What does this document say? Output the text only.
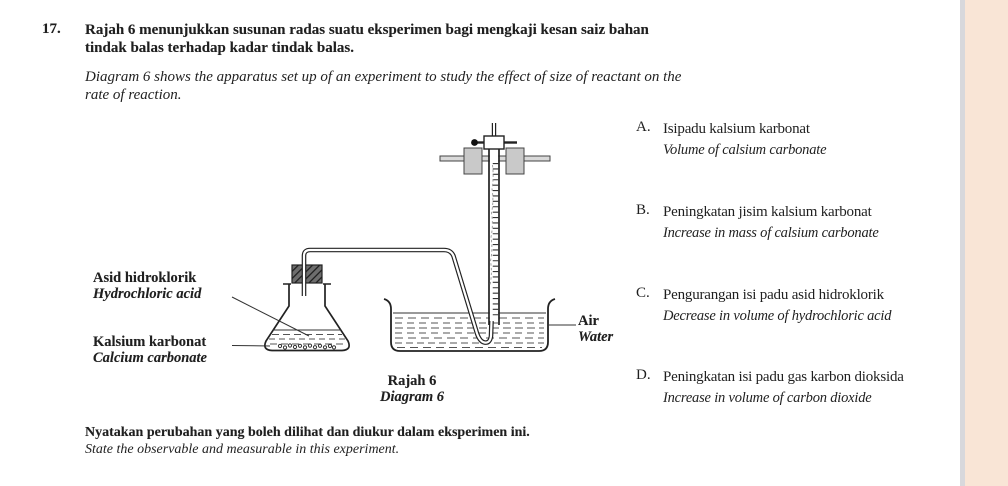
17. Rajah 6 menunjukkan susunan radas suatu eksperimen bagi mengkaji kesan saiz bahan tindak balas terhadap kadar tindak balas.

Diagram 6 shows the apparatus set up of an experiment to study the effect of size of reactant on the rate of reaction.

Asid hidroklorik
Hydrochloric acid
Kalsium karbonat
Calcium carbonate
Air
Water
Rajah 6
Diagram 6
A. Isipadu kalsium karbonat
Volume of calsium carbonate
B. Peningkatan jisim kalsium karbonat
Increase in mass of calsium carbonate
C. Pengurangan isi padu asid hidroklorik
Decrease in volume of hydrochloric acid
D. Peningkatan isi padu gas karbon dioksida
Increase in volume of carbon dioxide
Nyatakan perubahan yang boleh dilihat dan diukur dalam eksperimen ini.
State the observable and measurable in this experiment.
